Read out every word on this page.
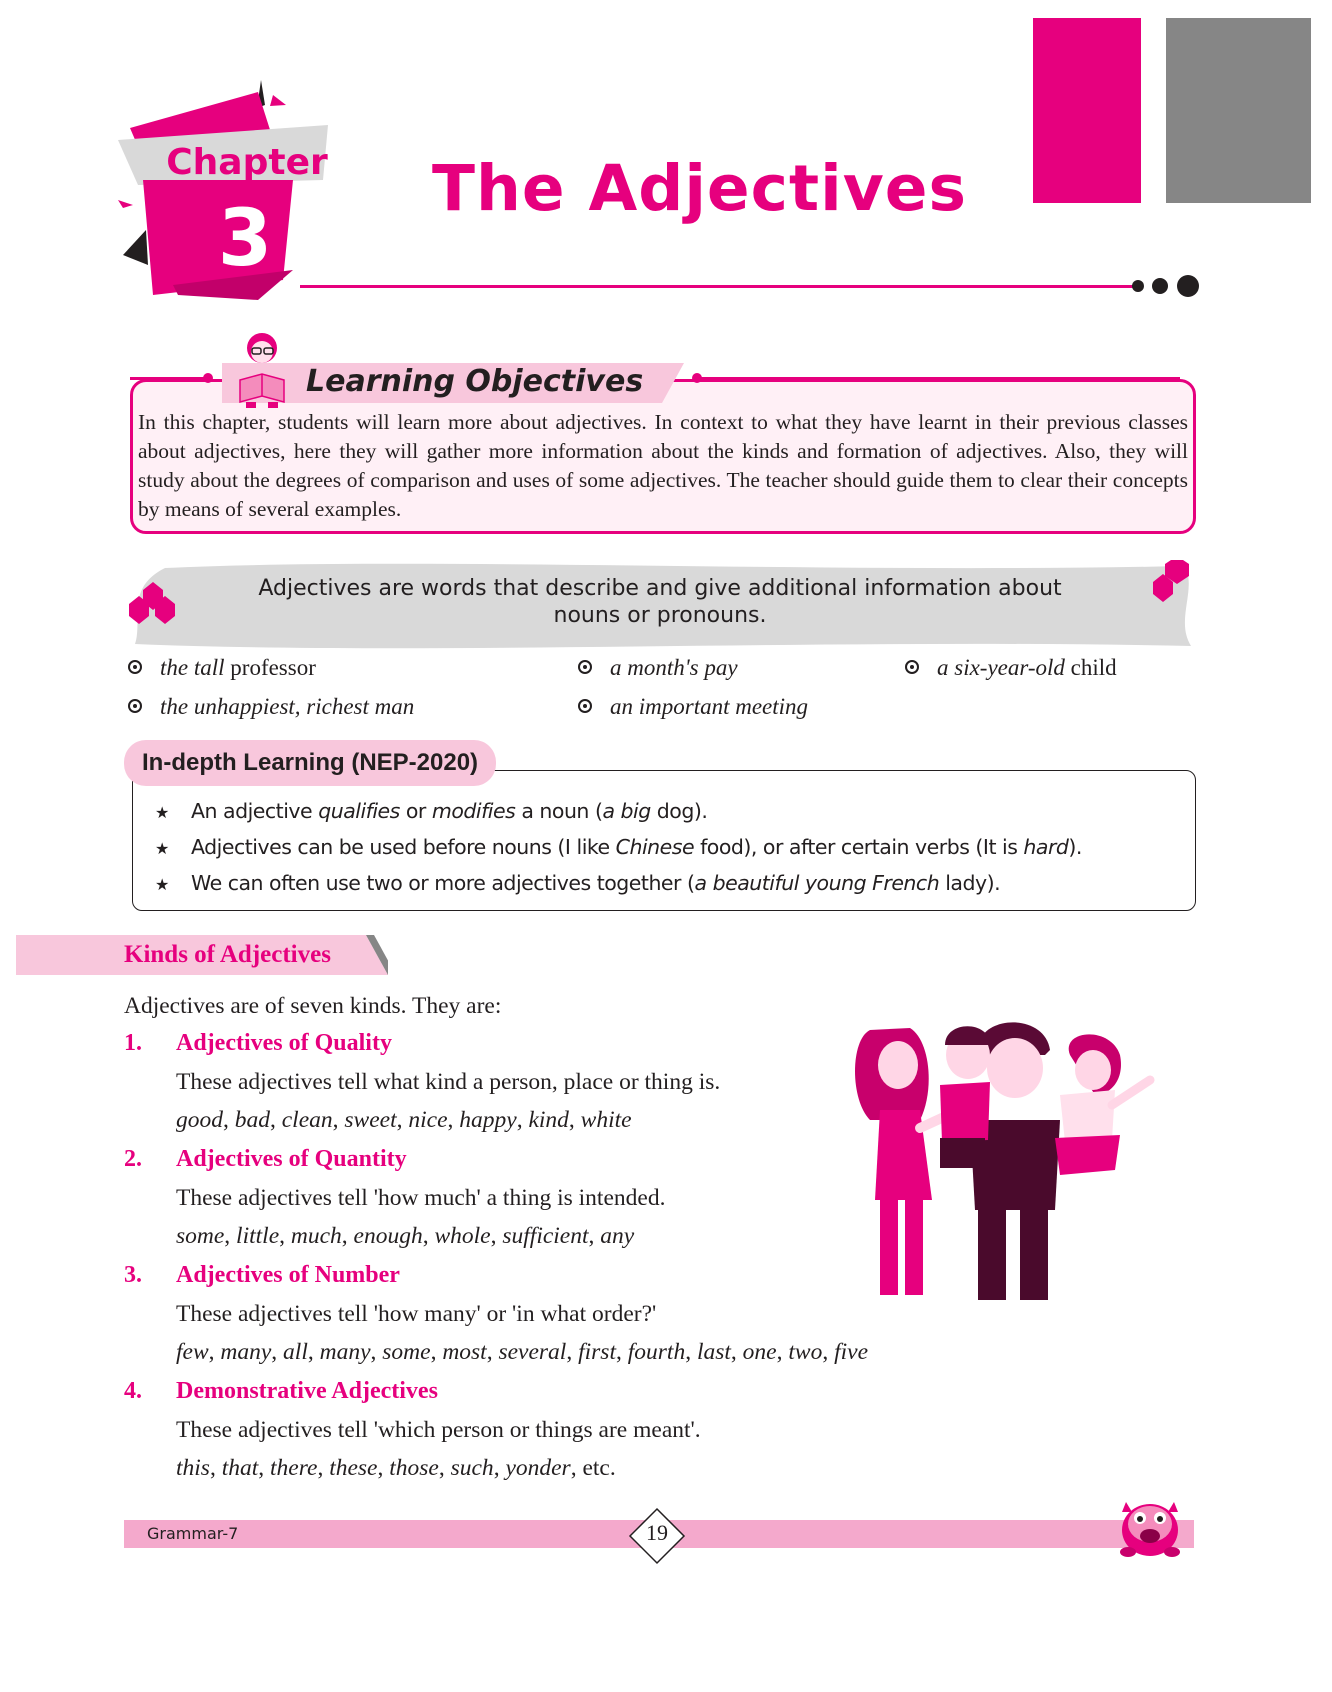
Chapter
3
The Adjectives
Learning Objectives
In this chapter, students will learn more about adjectives. In context to what they have learnt in their previous classes about adjectives, here they will gather more information about the kinds and formation of adjectives. Also, they will study about the degrees of comparison and uses of some adjectives. The teacher should guide them to clear their concepts by means of several examples.
Adjectives are words that describe and give additional information about
nouns or pronouns.
the tall professor	a month's pay	a six-year-old child
the unhappiest, richest man	an important meeting
In-depth Learning (NEP-2020)
★ An adjective qualifies or modifies a noun (a big dog).
★ Adjectives can be used before nouns (I like Chinese food), or after certain verbs (It is hard).
★ We can often use two or more adjectives together (a beautiful young French lady).
Kinds of Adjectives
Adjectives are of seven kinds. They are:
1. Adjectives of Quality
These adjectives tell what kind a person, place or thing is.
good, bad, clean, sweet, nice, happy, kind, white
2. Adjectives of Quantity
These adjectives tell 'how much' a thing is intended.
some, little, much, enough, whole, sufficient, any
3. Adjectives of Number
These adjectives tell 'how many' or 'in what order?'
few, many, all, many, some, most, several, first, fourth, last, one, two, five
4. Demonstrative Adjectives
These adjectives tell 'which person or things are meant'.
this, that, there, these, those, such, yonder, etc.
Grammar-7	19
